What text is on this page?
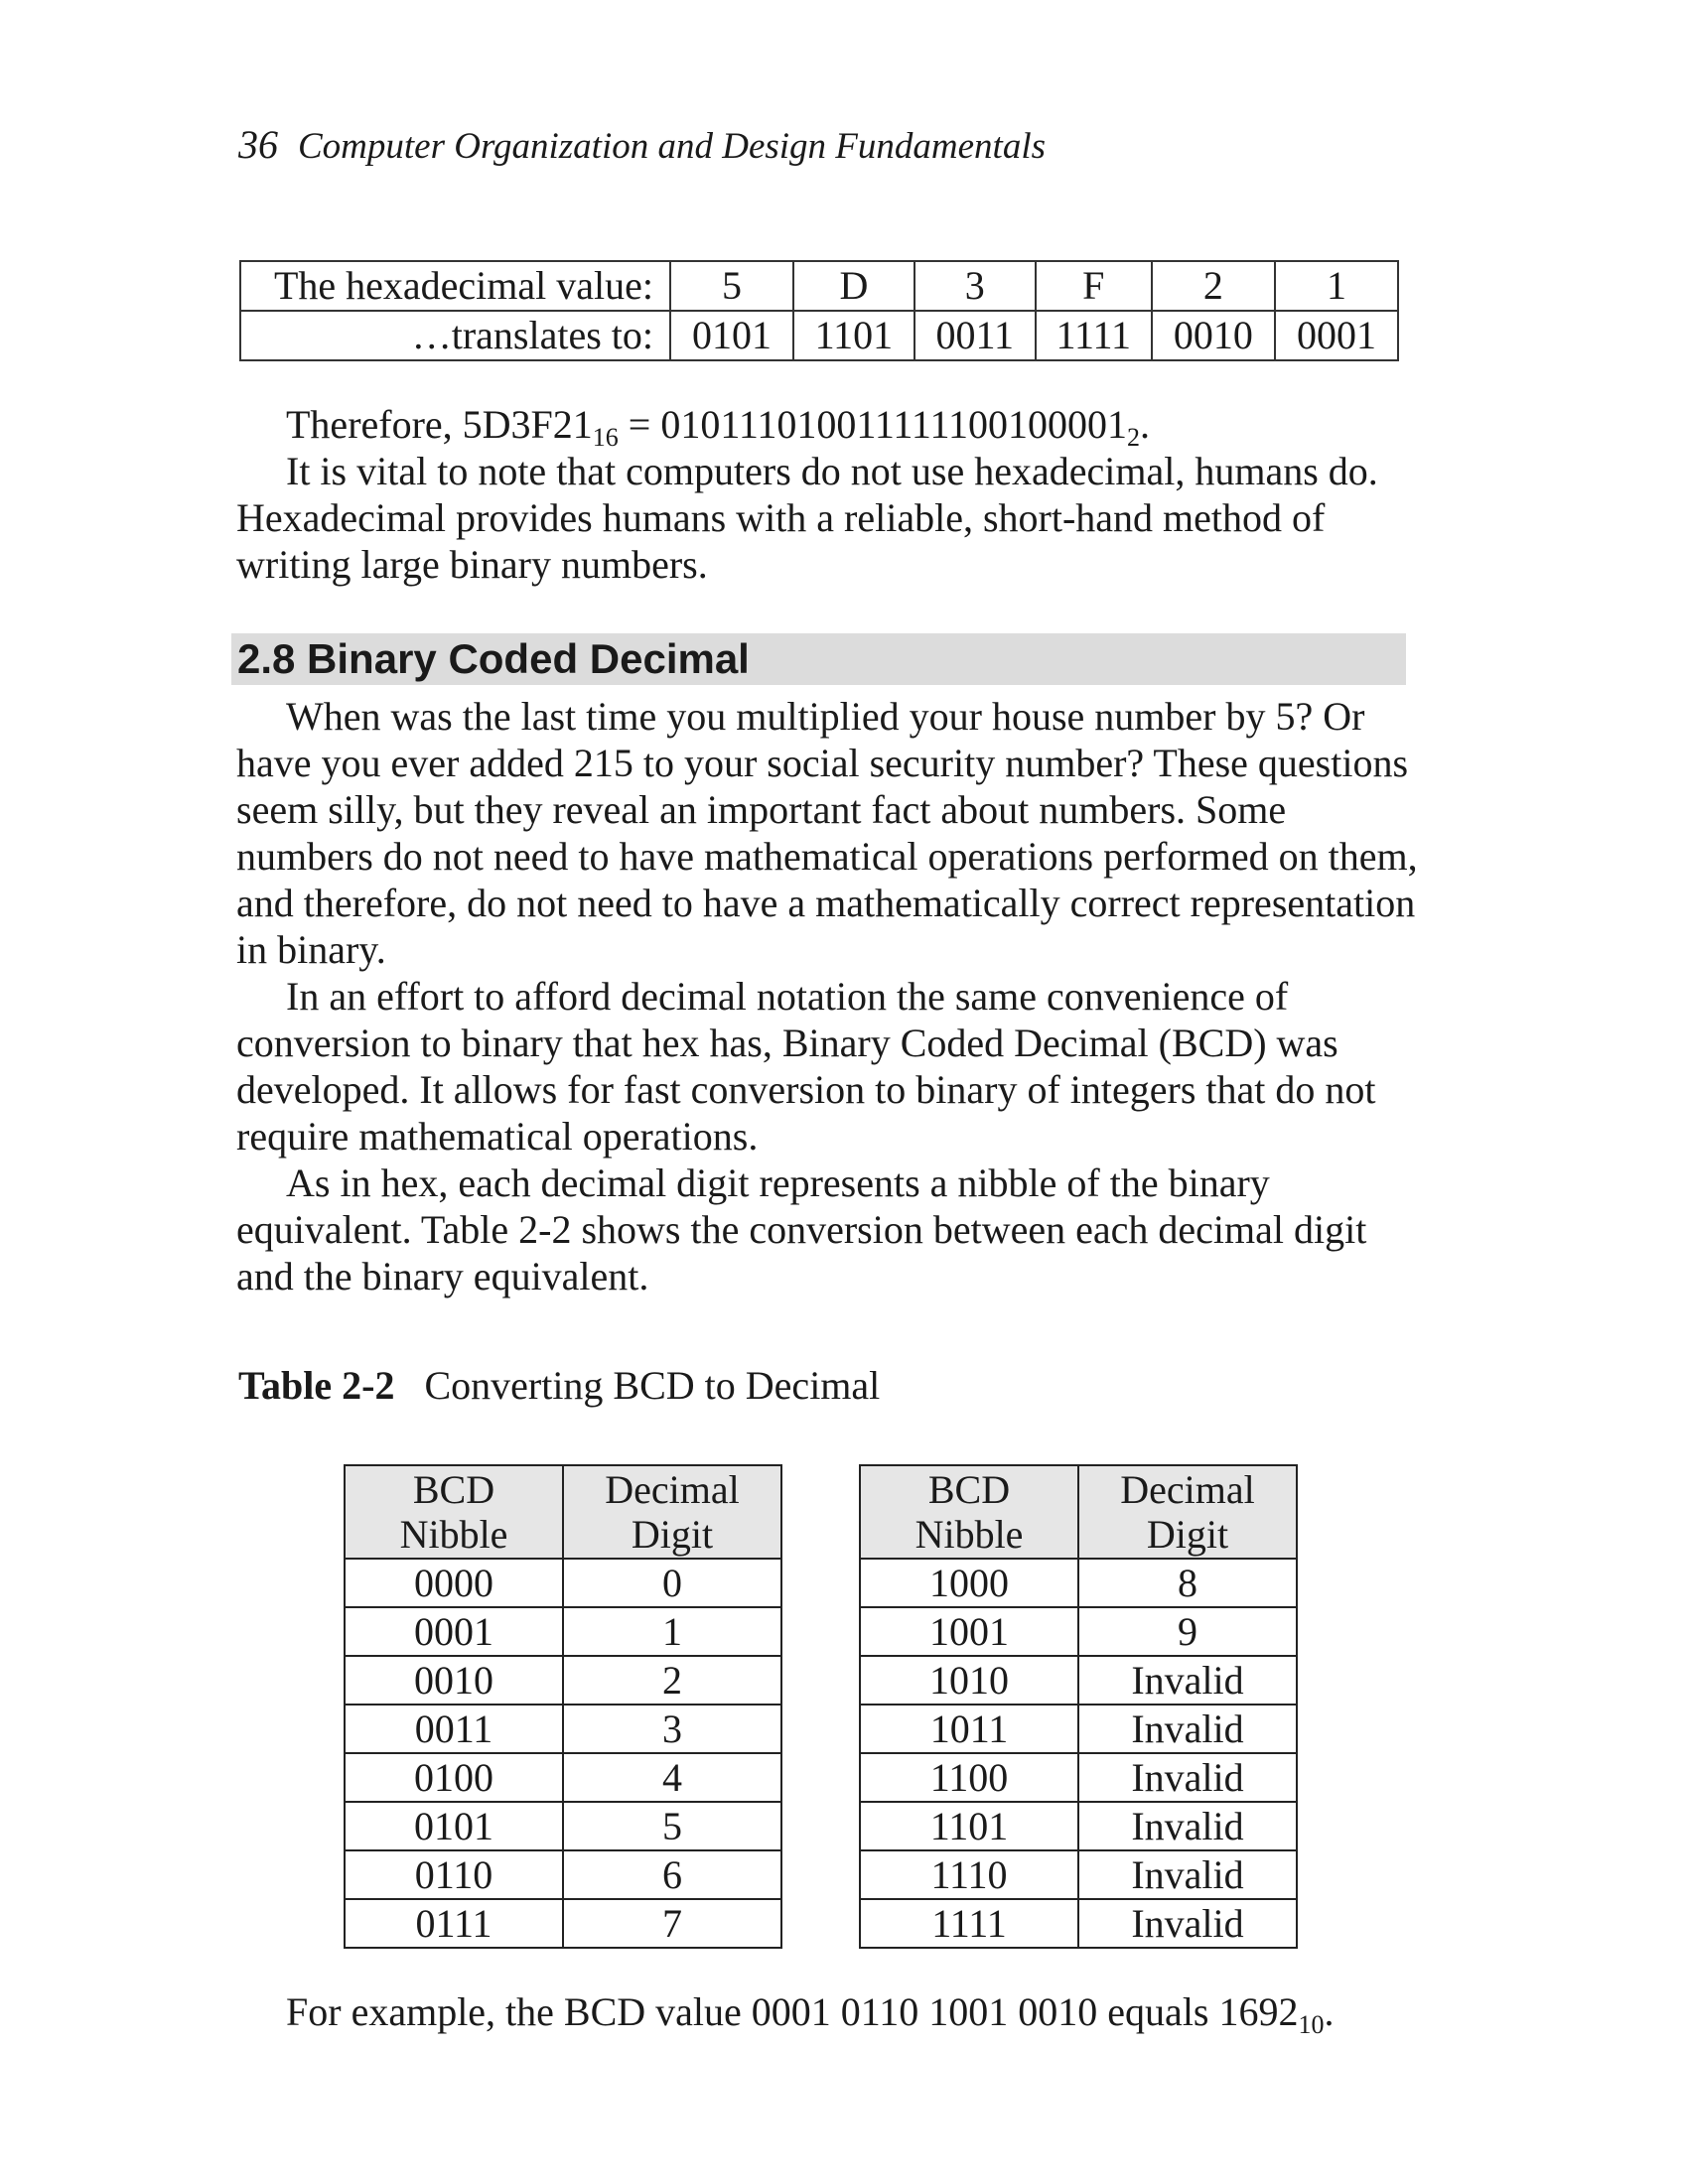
36 Computer Organization and Design Fundamentals
The hexadecimal value:	5	D	3	F	2	1
…translates to:	0101	1101	0011	1111	0010	0001

Therefore, $5D3F21_{16} = 010111010011111100100001_2$.

It is vital to note that computers do not use hexadecimal, humans do. Hexadecimal provides humans with a reliable, short-hand method of writing large binary numbers.

2.8 Binary Coded Decimal

When was the last time you multiplied your house number by 5? Or have you ever added 215 to your social security number? These questions seem silly, but they reveal an important fact about numbers. Some numbers do not need to have mathematical operations performed on them, and therefore, do not need to have a mathematically correct representation in binary.

In an effort to afford decimal notation the same convenience of conversion to binary that hex has, Binary Coded Decimal (BCD) was developed. It allows for fast conversion to binary of integers that do not require mathematical operations.

As in hex, each decimal digit represents a nibble of the binary equivalent. Table 2-2 shows the conversion between each decimal digit and the binary equivalent.

Table 2-2 Converting BCD to Decimal
BCD
Nibble	Decimal
Digit
0000	0
0001	1
0010	2
0011	3
0100	4
0101	5
0110	6
0111	7
BCD
Nibble	Decimal
Digit
1000	8
1001	9
1010	Invalid
1011	Invalid
1100	Invalid
1101	Invalid
1110	Invalid
1111	Invalid

For example, the BCD value 0001 0110 1001 0010 equals $1692_{10}$.
